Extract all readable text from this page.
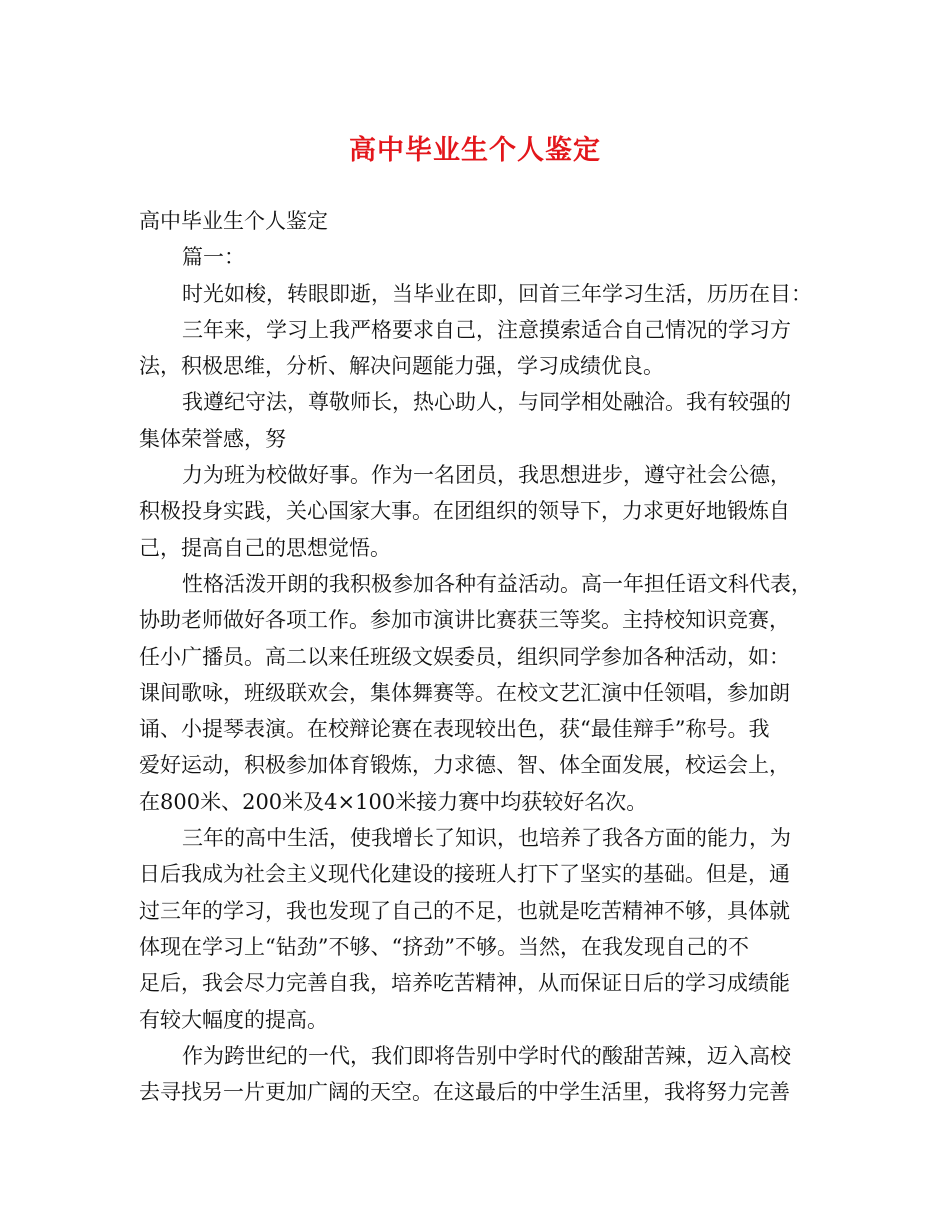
高中毕业生个人鉴定
高中毕业生个人鉴定
篇一：
时光如梭，转眼即逝，当毕业在即，回首三年学习生活，历历在目：
三年来，学习上我严格要求自己，注意摸索适合自己情况的学习方
法，积极思维，分析、解决问题能力强，学习成绩优良。
我遵纪守法，尊敬师长，热心助人，与同学相处融洽。我有较强的
集体荣誉感，努
力为班为校做好事。作为一名团员，我思想进步，遵守社会公德，
积极投身实践，关心国家大事。在团组织的领导下，力求更好地锻炼自
己，提高自己的思想觉悟。
性格活泼开朗的我积极参加各种有益活动。高一年担任语文科代表，
协助老师做好各项工作。参加市演讲比赛获三等奖。主持校知识竞赛，
任小广播员。高二以来任班级文娱委员，组织同学参加各种活动，如：
课间歌咏，班级联欢会，集体舞赛等。在校文艺汇演中任领唱，参加朗
诵、小提琴表演。在校辩论赛在表现较出色，获“最佳辩手”称号。我
爱好运动，积极参加体育锻炼，力求德、智、体全面发展，校运会上，
在800米、200米及4×100米接力赛中均获较好名次。
三年的高中生活，使我增长了知识，也培养了我各方面的能力，为
日后我成为社会主义现代化建设的接班人打下了坚实的基础。但是，通
过三年的学习，我也发现了自己的不足，也就是吃苦精神不够，具体就
体现在学习上“钻劲”不够、“挤劲”不够。当然，在我发现自己的不
足后，我会尽力完善自我，培养吃苦精神，从而保证日后的学习成绩能
有较大幅度的提高。
作为跨世纪的一代，我们即将告别中学时代的酸甜苦辣，迈入高校
去寻找另一片更加广阔的天空。在这最后的中学生活里，我将努力完善
